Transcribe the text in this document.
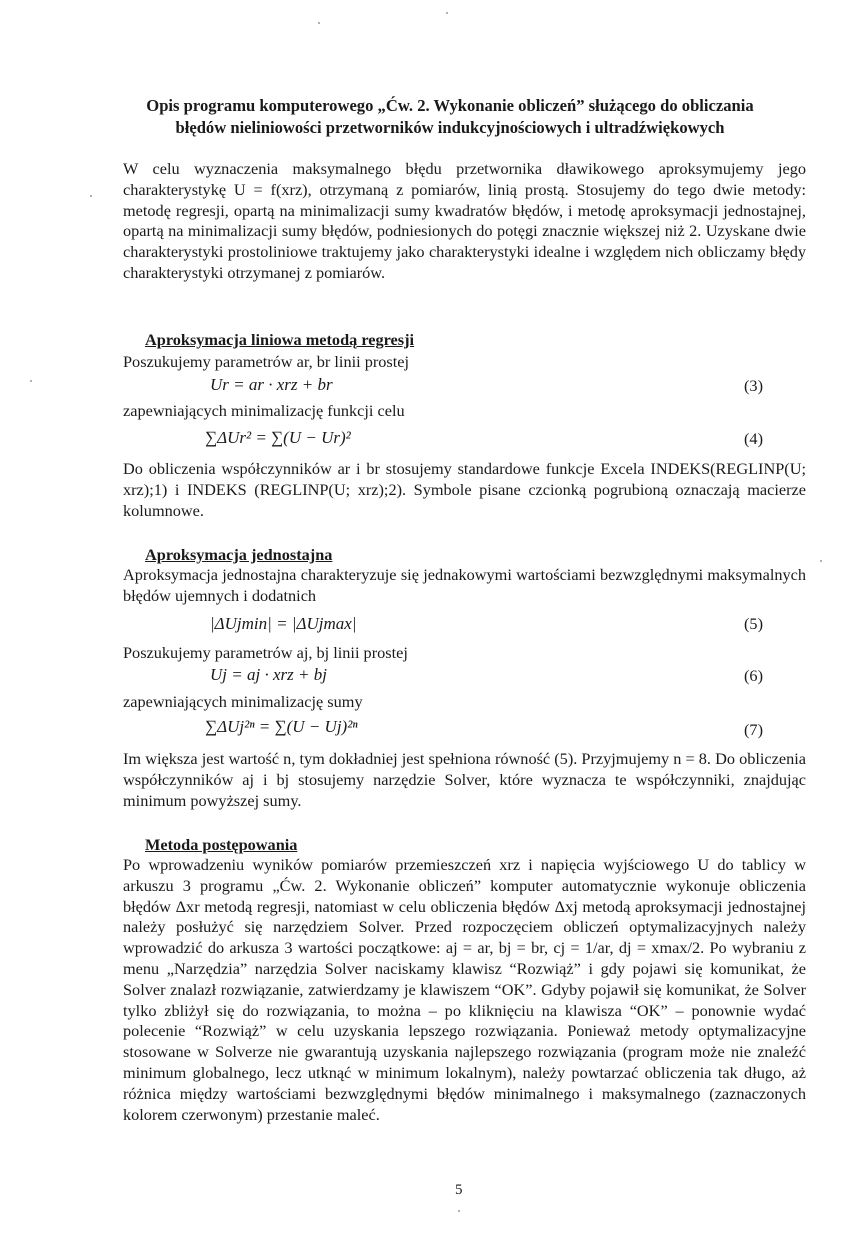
Opis programu komputerowego „Ćw. 2. Wykonanie obliczeń” służącego do obliczania
błędów nieliniowości przetworników indukcyjnościowych i ultradźwiękowych
W celu wyznaczenia maksymalnego błędu przetwornika dławikowego aproksymujemy jego charakterystykę U = f(xrz), otrzymaną z pomiarów, linią prostą. Stosujemy do tego dwie metody: metodę regresji, opartą na minimalizacji sumy kwadratów błędów, i metodę aproksymacji jednostajnej, opartą na minimalizacji sumy błędów, podniesionych do potęgi znacznie większej niż 2. Uzyskane dwie charakterystyki prostoliniowe traktujemy jako charakterystyki idealne i względem nich obliczamy błędy charakterystyki otrzymanej z pomiarów.
Aproksymacja liniowa metodą regresji
Poszukujemy parametrów ar, br linii prostej
Ur = ar · xrz + br	(3)
zapewniających minimalizację funkcji celu
∑ΔUr² = ∑(U − Ur)²	(4)
Do obliczenia współczynników ar i br stosujemy standardowe funkcje Excela INDEKS(REGLINP(U; xrz);1) i INDEKS (REGLINP(U; xrz);2). Symbole pisane czcionką pogrubioną oznaczają macierze kolumnowe.
Aproksymacja jednostajna
Aproksymacja jednostajna charakteryzuje się jednakowymi wartościami bezwzględnymi maksymalnych błędów ujemnych i dodatnich
|ΔUjmin| = |ΔUjmax|	(5)
Poszukujemy parametrów aj, bj linii prostej
Uj = aj · xrz + bj	(6)
zapewniających minimalizację sumy
∑ΔUj²ⁿ = ∑(U − Uj)²ⁿ	(7)
Im większa jest wartość n, tym dokładniej jest spełniona równość (5). Przyjmujemy n = 8. Do obliczenia współczynników aj i bj stosujemy narzędzie Solver, które wyznacza te współczynniki, znajdując minimum powyższej sumy.
Metoda postępowania
Po wprowadzeniu wyników pomiarów przemieszczeń xrz i napięcia wyjściowego U do tablicy w arkuszu 3 programu „Ćw. 2. Wykonanie obliczeń” komputer automatycznie wykonuje obliczenia błędów Δxr metodą regresji, natomiast w celu obliczenia błędów Δxj metodą aproksymacji jednostajnej należy posłużyć się narzędziem Solver. Przed rozpoczęciem obliczeń optymalizacyjnych należy wprowadzić do arkusza 3 wartości początkowe: aj = ar, bj = br, cj = 1/ar, dj = xmax/2. Po wybraniu z menu „Narzędzia” narzędzia Solver naciskamy klawisz “Rozwiąż” i gdy pojawi się komunikat, że Solver znalazł rozwiązanie, zatwierdzamy je klawiszem “OK”. Gdyby pojawił się komunikat, że Solver tylko zbliżył się do rozwiązania, to można – po kliknięciu na klawisza “OK” – ponownie wydać polecenie “Rozwiąż” w celu uzyskania lepszego rozwiązania. Ponieważ metody optymalizacyjne stosowane w Solverze nie gwarantują uzyskania najlepszego rozwiązania (program może nie znaleźć minimum globalnego, lecz utknąć w minimum lokalnym), należy powtarzać obliczenia tak długo, aż różnica między wartościami bezwzględnymi błędów minimalnego i maksymalnego (zaznaczonych kolorem czerwonym) przestanie maleć.
5
